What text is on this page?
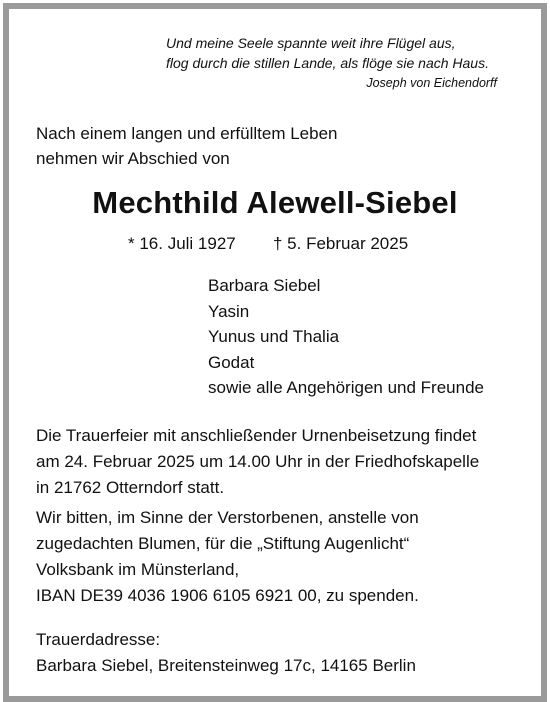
Und meine Seele spannte weit ihre Flügel aus,
flog durch die stillen Lande, als flöge sie nach Haus.
Joseph von Eichendorff
Nach einem langen und erfülltem Leben
nehmen wir Abschied von
Mechthild Alewell-Siebel
* 16. Juli 1927 † 5. Februar 2025
Barbara Siebel
Yasin
Yunus und Thalia
Godat
sowie alle Angehörigen und Freunde
Die Trauerfeier mit anschließender Urnenbeisetzung findet
am 24. Februar 2025 um 14.00 Uhr in der Friedhofskapelle
in 21762 Otterndorf statt.
Wir bitten, im Sinne der Verstorbenen, anstelle von
zugedachten Blumen, für die „Stiftung Augenlicht“
Volksbank im Münsterland,
IBAN DE39 4036 1906 6105 6921 00, zu spenden.
Trauerdadresse:
Barbara Siebel, Breitensteinweg 17c, 14165 Berlin
